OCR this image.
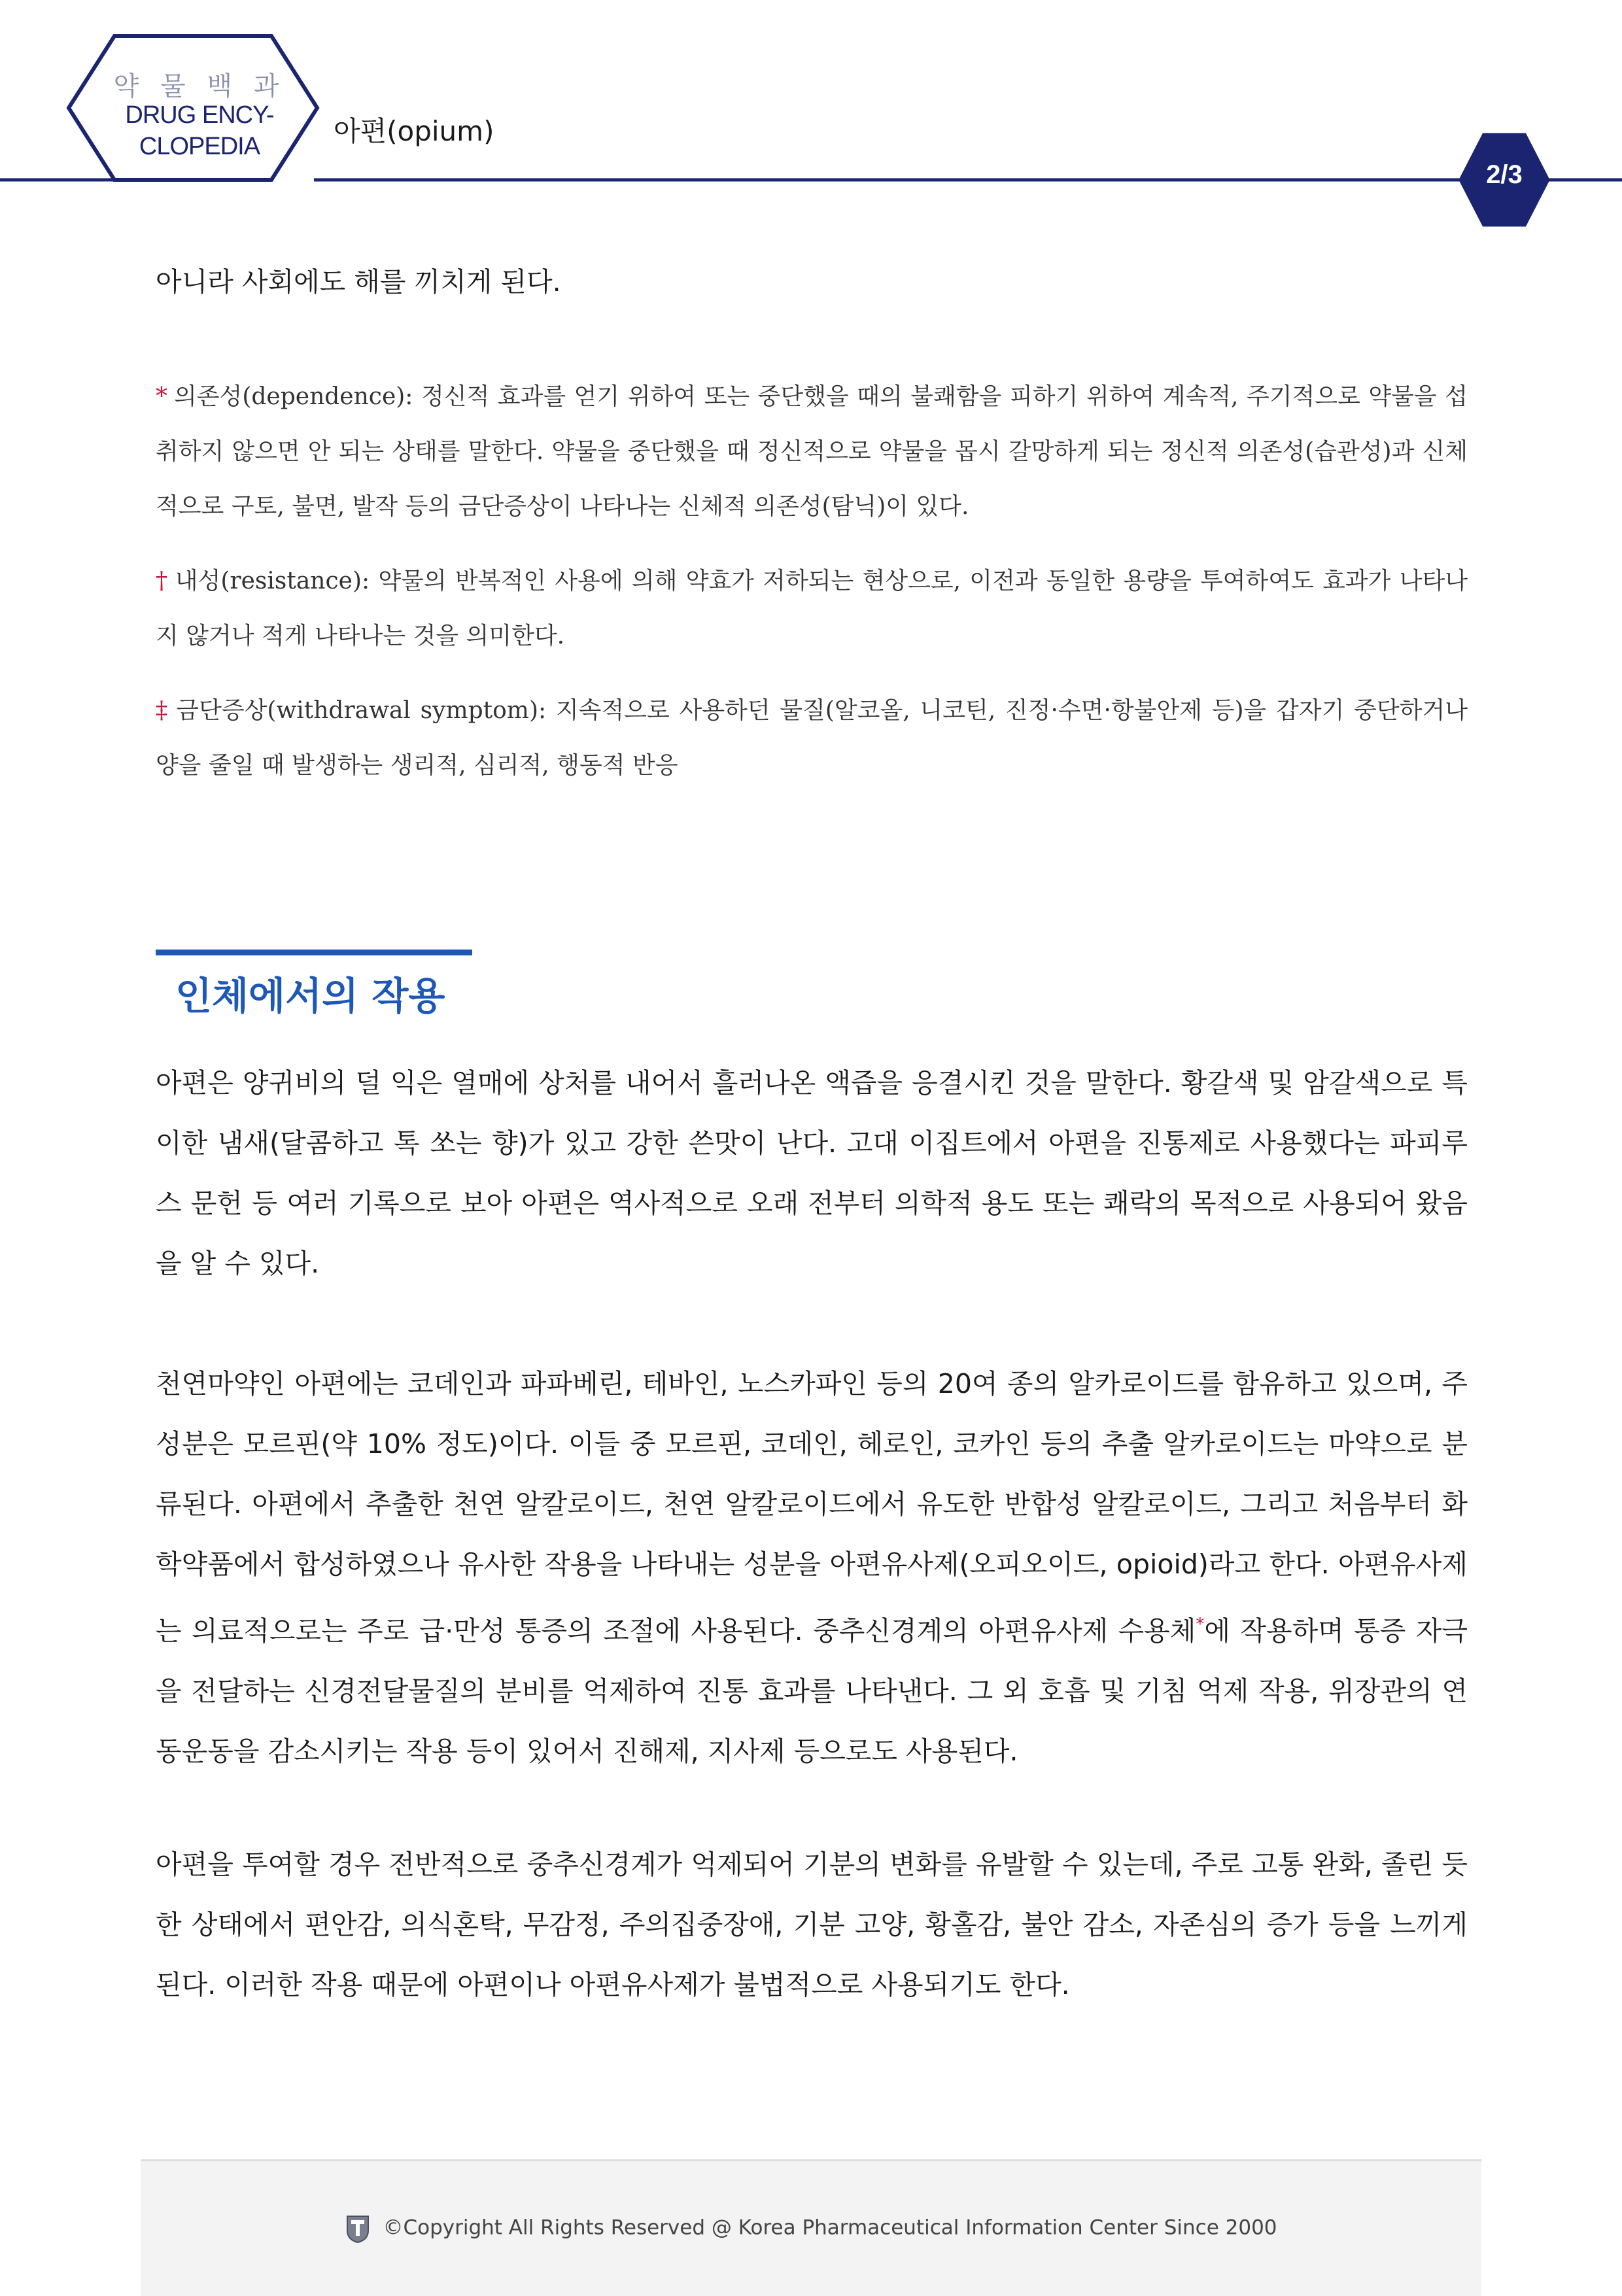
약 물 백 과
DRUG ENCY-
CLOPEDIA	아편(opium)
2/3
아니라 사회에도 해를 끼치게 된다.

* 의존성(dependence): 정신적 효과를 얻기 위하여 또는 중단했을 때의 불쾌함을 피하기 위하여 계속적, 주기적으로 약물을 섭취하지 않으면 안 되는 상태를 말한다. 약물을 중단했을 때 정신적으로 약물을 몹시 갈망하게 되는 정신적 의존성(습관성)과 신체적으로 구토, 불면, 발작 등의 금단증상이 나타나는 신체적 의존성(탐닉)이 있다.

† 내성(resistance): 약물의 반복적인 사용에 의해 약효가 저하되는 현상으로, 이전과 동일한 용량을 투여하여도 효과가 나타나지 않거나 적게 나타나는 것을 의미한다.

‡ 금단증상(withdrawal symptom): 지속적으로 사용하던 물질(알코올, 니코틴, 진정·수면·항불안제 등)을 갑자기 중단하거나 양을 줄일 때 발생하는 생리적, 심리적, 행동적 반응

인체에서의 작용
아편은 양귀비의 덜 익은 열매에 상처를 내어서 흘러나온 액즙을 응결시킨 것을 말한다. 황갈색 및 암갈색으로 특이한 냄새(달콤하고 톡 쏘는 향)가 있고 강한 쓴맛이 난다. 고대 이집트에서 아편을 진통제로 사용했다는 파피루스 문헌 등 여러 기록으로 보아 아편은 역사적으로 오래 전부터 의학적 용도 또는 쾌락의 목적으로 사용되어 왔음을 알 수 있다.
천연마약인 아편에는 코데인과 파파베린, 테바인, 노스카파인 등의 20여 종의 알카로이드를 함유하고 있으며, 주성분은 모르핀(약 10% 정도)이다. 이들 중 모르핀, 코데인, 헤로인, 코카인 등의 추출 알카로이드는 마약으로 분류된다. 아편에서 추출한 천연 알칼로이드, 천연 알칼로이드에서 유도한 반합성 알칼로이드, 그리고 처음부터 화학약품에서 합성하였으나 유사한 작용을 나타내는 성분을 아편유사제(오피오이드, opioid)라고 한다. 아편유사제는 의료적으로는 주로 급·만성 통증의 조절에 사용된다. 중추신경계의 아편유사제 수용체*에 작용하며 통증 자극을 전달하는 신경전달물질의 분비를 억제하여 진통 효과를 나타낸다. 그 외 호흡 및 기침 억제 작용, 위장관의 연동운동을 감소시키는 작용 등이 있어서 진해제, 지사제 등으로도 사용된다.
아편을 투여할 경우 전반적으로 중추신경계가 억제되어 기분의 변화를 유발할 수 있는데, 주로 고통 완화, 졸린 듯한 상태에서 편안감, 의식혼탁, 무감정, 주의집중장애, 기분 고양, 황홀감, 불안 감소, 자존심의 증가 등을 느끼게 된다. 이러한 작용 때문에 아편이나 아편유사제가 불법적으로 사용되기도 한다.
©Copyright All Rights Reserved @ Korea Pharmaceutical Information Center Since 2000
